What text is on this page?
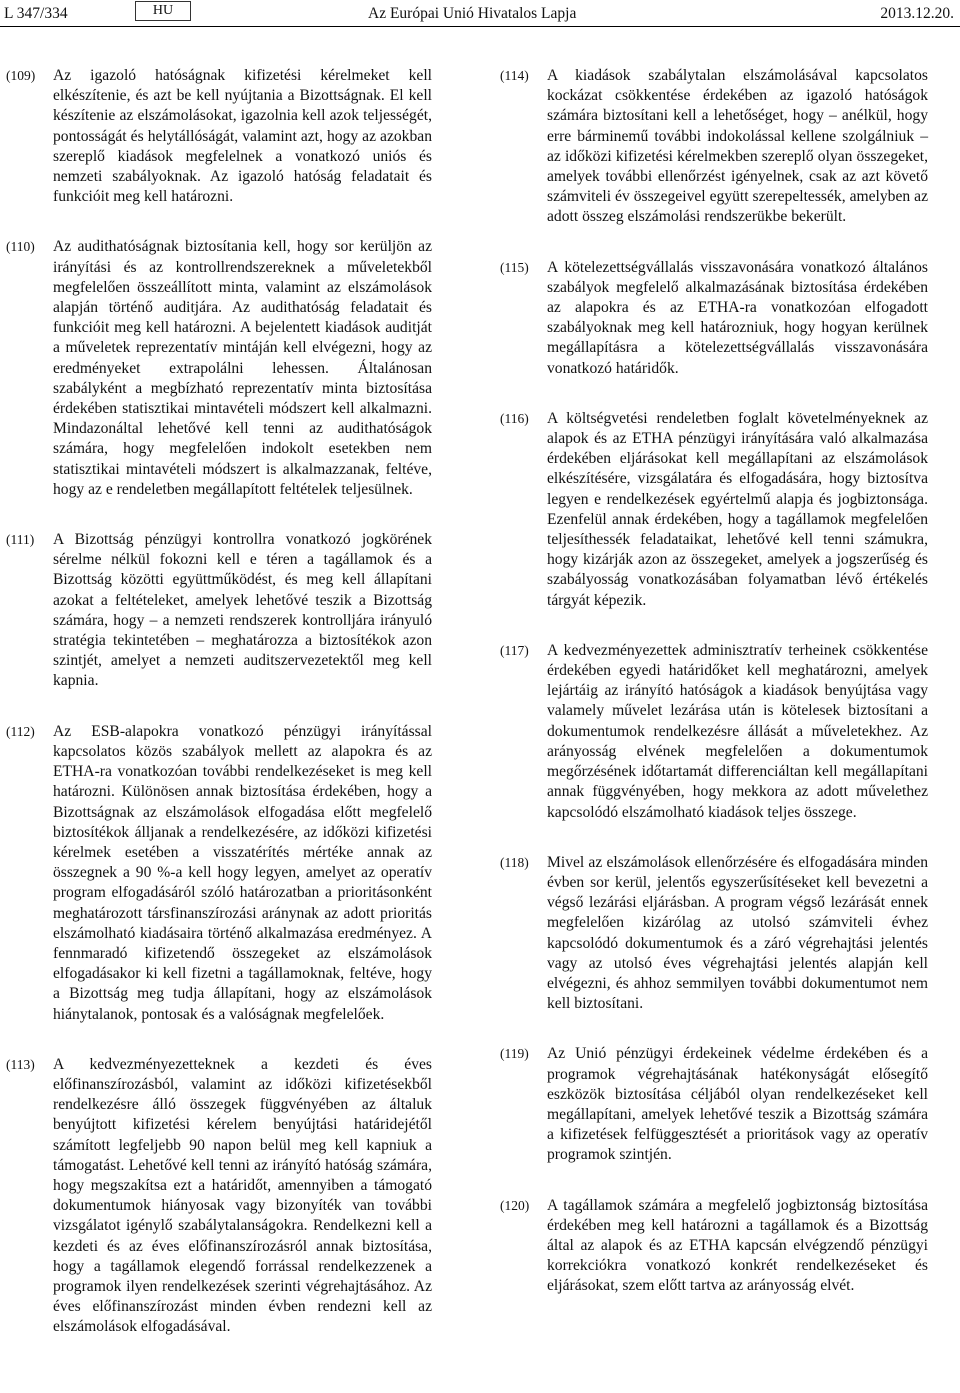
L 347/334	HU	Az Európai Unió Hivatalos Lapja	2013.12.20.
(109) Az igazoló hatóságnak kifizetési kérelmeket kell elkészítenie, és azt be kell nyújtania a Bizottságnak. El kell készítenie az elszámolásokat, igazolnia kell azok teljességét, pontosságát és helytállóságát, valamint azt, hogy az azokban szereplő kiadások megfelelnek a vonatkozó uniós és nemzeti szabályoknak. Az igazoló hatóság feladatait és funkcióit meg kell határozni.
(110) Az audithatóságnak biztosítania kell, hogy sor kerüljön az irányítási és az kontrollrendszereknek a műveletekből megfelelően összeállított minta, valamint az elszámolások alapján történő auditjára. Az audithatóság feladatait és funkcióit meg kell határozni. A bejelentett kiadások auditját a műveletek reprezentatív mintáján kell elvégezni, hogy az eredményeket extrapolálni lehessen. Általánosan szabályként a megbízható reprezentatív minta biztosítása érdekében statisztikai mintavételi módszert kell alkalmazni. Mindazonáltal lehetővé kell tenni az audithatóságok számára, hogy megfelelően indokolt esetekben nem statisztikai mintavételi módszert is alkalmazzanak, feltéve, hogy az e rendeletben megállapított feltételek teljesülnek.
(111) A Bizottság pénzügyi kontrollra vonatkozó jogkörének sérelme nélkül fokozni kell e téren a tagállamok és a Bizottság közötti együttműködést, és meg kell állapítani azokat a feltételeket, amelyek lehetővé teszik a Bizottság számára, hogy – a nemzeti rendszerek kontrolljára irányuló stratégia tekintetében – meghatározza a biztosítékok azon szintjét, amelyet a nemzeti auditszervezetektől meg kell kapnia.
(112) Az ESB-alapokra vonatkozó pénzügyi irányítással kapcsolatos közös szabályok mellett az alapokra és az ETHA-ra vonatkozóan további rendelkezéseket is meg kell határozni. Különösen annak biztosítása érdekében, hogy a Bizottságnak az elszámolások elfogadása előtt megfelelő biztosítékok álljanak a rendelkezésére, az időközi kifizetési kérelmek esetében a visszatérítés mértéke annak az összegnek a 90 %-a kell hogy legyen, amelyet az operatív program elfogadásáról szóló határozatban a prioritásonként meghatározott társfinanszírozási aránynak az adott prioritás elszámolható kiadásaira történő alkalmazása eredményez. A fennmaradó kifizetendő összegeket az elszámolások elfogadásakor ki kell fizetni a tagállamoknak, feltéve, hogy a Bizottság meg tudja állapítani, hogy az elszámolások hiánytalanok, pontosak és a valóságnak megfelelőek.
(113) A kedvezményezetteknek a kezdeti és éves előfinanszírozásból, valamint az időközi kifizetésekből rendelkezésre álló összegek függvényében az általuk benyújtott kifizetési kérelem benyújtási határidejétől számított legfeljebb 90 napon belül meg kell kapniuk a támogatást. Lehetővé kell tenni az irányító hatóság számára, hogy megszakítsa ezt a határidőt, amennyiben a támogató dokumentumok hiányosak vagy bizonyíték van további vizsgálatot igénylő szabálytalanságokra. Rendelkezni kell a kezdeti és az éves előfinanszírozásról annak biztosítása, hogy a tagállamok elegendő forrással rendelkezzenek a programok ilyen rendelkezések szerinti végrehajtásához. Az éves előfinanszírozást minden évben rendezni kell az elszámolások elfogadásával.
(114) A kiadások szabálytalan elszámolásával kapcsolatos kockázat csökkentése érdekében az igazoló hatóságok számára biztosítani kell a lehetőséget, hogy – anélkül, hogy erre bárminemű további indokolással kellene szolgálniuk – az időközi kifizetési kérelmekben szereplő olyan összegeket, amelyek további ellenőrzést igényelnek, csak az azt követő számviteli év összegeivel együtt szerepeltessék, amelyben az adott összeg elszámolási rendszerükbe bekerült.
(115) A kötelezettségvállalás visszavonására vonatkozó általános szabályok megfelelő alkalmazásának biztosítása érdekében az alapokra és az ETHA-ra vonatkozóan elfogadott szabályoknak meg kell határozniuk, hogy hogyan kerülnek megállapításra a kötelezettségvállalás visszavonására vonatkozó határidők.
(116) A költségvetési rendeletben foglalt követelményeknek az alapok és az ETHA pénzügyi irányítására való alkalmazása érdekében eljárásokat kell megállapítani az elszámolások elkészítésére, vizsgálatára és elfogadására, hogy biztosítva legyen e rendelkezések egyértelmű alapja és jogbiztonsága. Ezenfelül annak érdekében, hogy a tagállamok megfelelően teljesíthessék feladataikat, lehetővé kell tenni számukra, hogy kizárják azon az összegeket, amelyek a jogszerűség és szabályosság vonatkozásában folyamatban lévő értékelés tárgyát képezik.
(117) A kedvezményezettek adminisztratív terheinek csökkentése érdekében egyedi határidőket kell meghatározni, amelyek lejártáig az irányító hatóságok a kiadások benyújtása vagy valamely művelet lezárása után is kötelesek biztosítani a dokumentumok rendelkezésre állását a műveletekhez. Az arányosság elvének megfelelően a dokumentumok megőrzésének időtartamát differenciáltan kell megállapítani annak függvényében, hogy mekkora az adott művelethez kapcsolódó elszámolható kiadások teljes összege.
(118) Mivel az elszámolások ellenőrzésére és elfogadására minden évben sor kerül, jelentős egyszerűsítéseket kell bevezetni a végső lezárási eljárásban. A program végső lezárását ennek megfelelően kizárólag az utolsó számviteli évhez kapcsolódó dokumentumok és a záró végrehajtási jelentés vagy az utolsó éves végrehajtási jelentés alapján kell elvégezni, és ahhoz semmilyen további dokumentumot nem kell biztosítani.
(119) Az Unió pénzügyi érdekeinek védelme érdekében és a programok végrehajtásának hatékonyságát elősegítő eszközök biztosítása céljából olyan rendelkezéseket kell megállapítani, amelyek lehetővé teszik a Bizottság számára a kifizetések felfüggesztését a prioritások vagy az operatív programok szintjén.
(120) A tagállamok számára a megfelelő jogbiztonság biztosítása érdekében meg kell határozni a tagállamok és a Bizottság által az alapok és az ETHA kapcsán elvégzendő pénzügyi korrekciókra vonatkozó konkrét rendelkezéseket és eljárásokat, szem előtt tartva az arányosság elvét.
